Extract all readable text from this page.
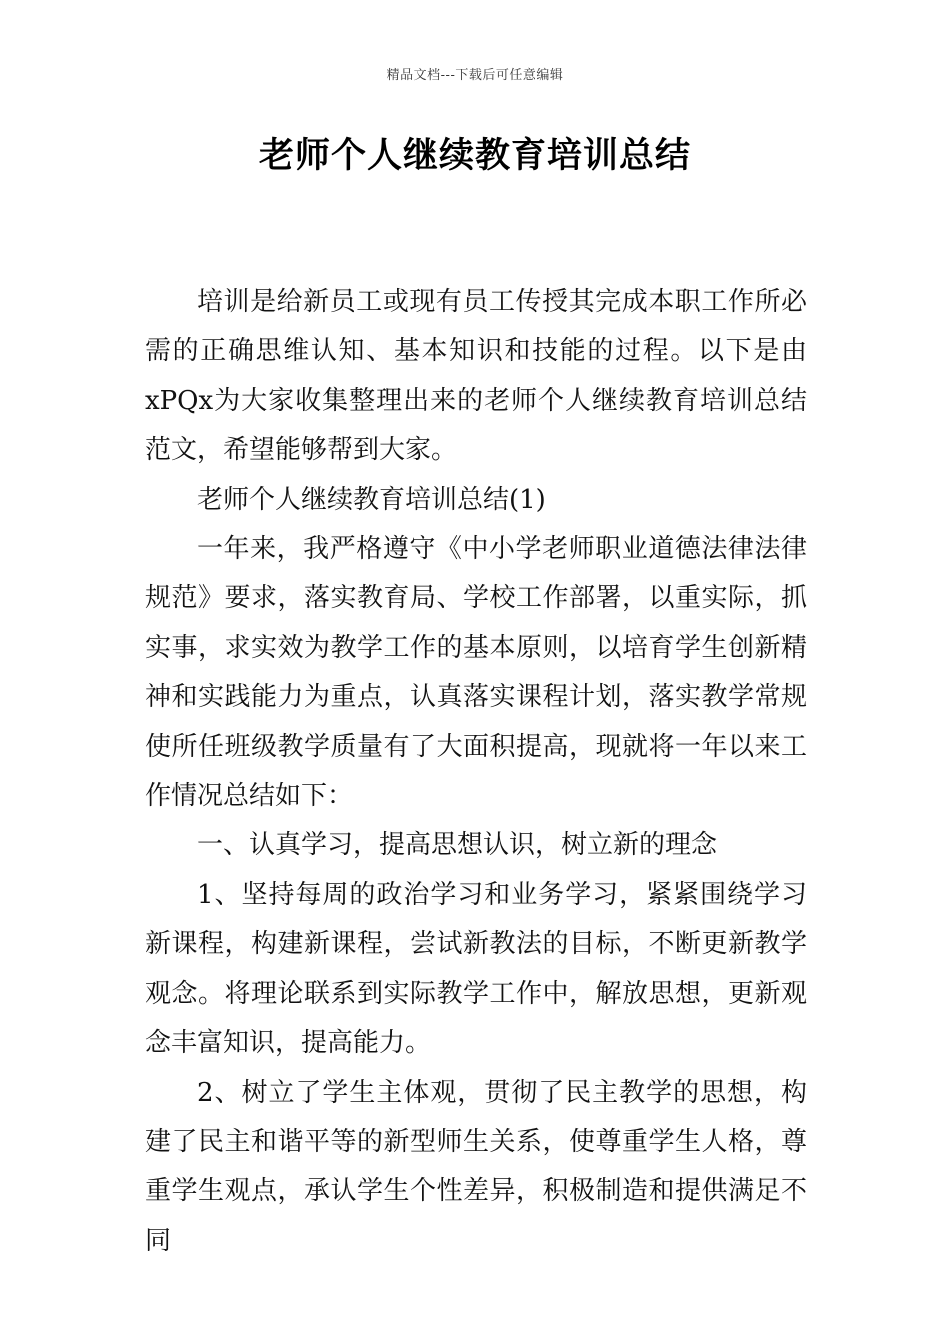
精品文档---下载后可任意编辑
老师个人继续教育培训总结

培训是给新员工或现有员工传授其完成本职工作所必需的正确思维认知、基本知识和技能的过程。以下是由xPQx为大家收集整理出来的老师个人继续教育培训总结范文，希望能够帮到大家。

老师个人继续教育培训总结(1)

一年来，我严格遵守《中小学老师职业道德法律法律规范》要求，落实教育局、学校工作部署，以重实际，抓实事，求实效为教学工作的基本原则，以培育学生创新精神和实践能力为重点，认真落实课程计划，落实教学常规使所任班级教学质量有了大面积提高，现就将一年以来工作情况总结如下：

一、认真学习，提高思想认识，树立新的理念

1、坚持每周的政治学习和业务学习，紧紧围绕学习新课程，构建新课程，尝试新教法的目标，不断更新教学观念。将理论联系到实际教学工作中，解放思想，更新观念丰富知识，提高能力。

2、树立了学生主体观，贯彻了民主教学的思想，构建了民主和谐平等的新型师生关系，使尊重学生人格，尊重学生观点，承认学生个性差异，积极制造和提供满足不同
